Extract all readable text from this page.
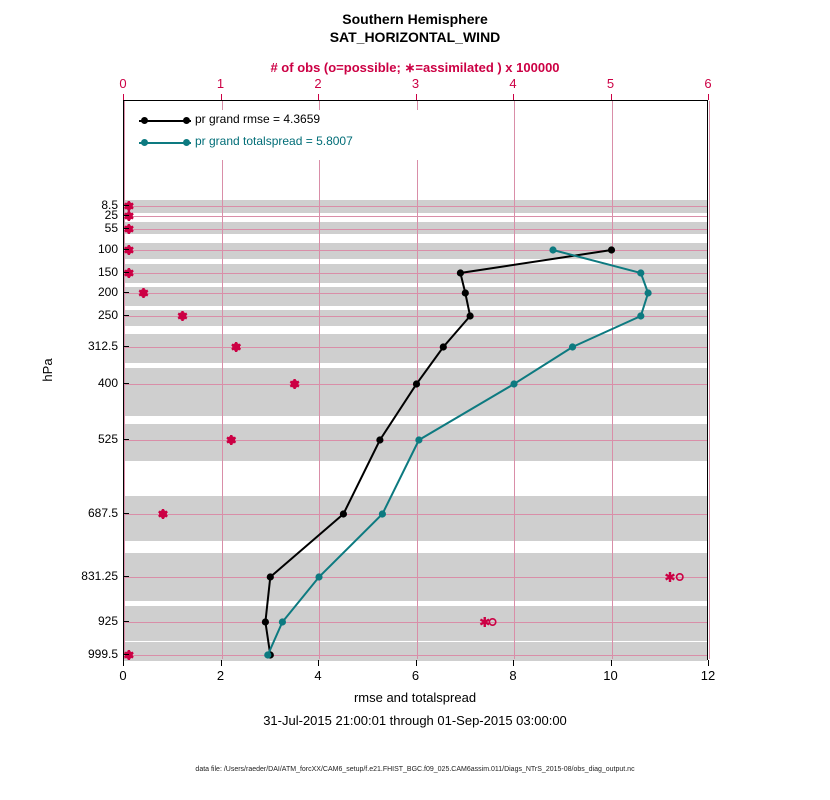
Southern Hemisphere
SAT_HORIZONTAL_WIND
# of obs (o=possible; ∗=assimilated ) x 100000
hPa
rmse and totalspread
31-Jul-2015 21:00:01 through 01-Sep-2015 03:00:00
data file: /Users/raeder/DAI/ATM_forcXX/CAM6_setup/f.e21.FHIST_BGC.f09_025.CAM6assim.011/Diags_NTrS_2015-08/obs_diag_output.nc
pr grand rmse = 4.3659
pr grand totalspread = 5.8007
0	2	4	6	8	10	12
0	1	2	3	4	5	6
8.5
25
55
100
150
200
250
312.5
400
525
687.5
831.25
925
999.5
